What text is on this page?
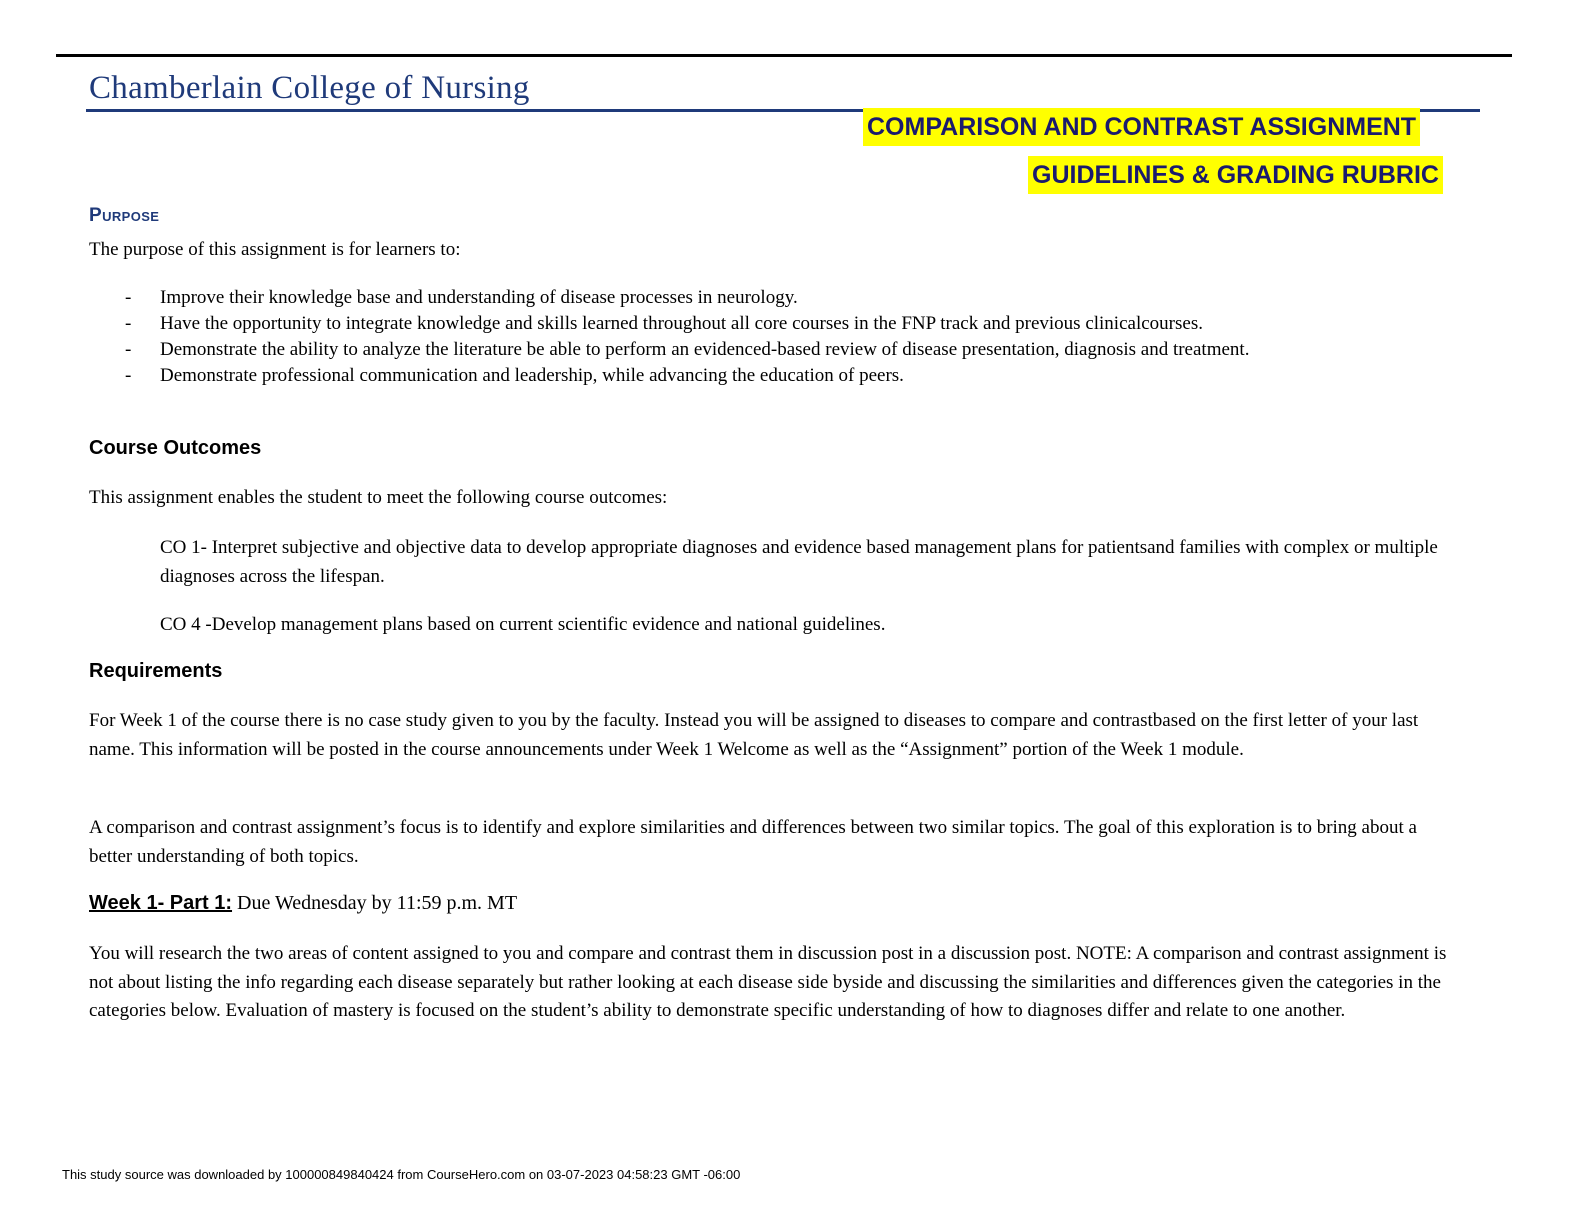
Chamberlain College of Nursing
COMPARISON AND CONTRAST ASSIGNMENT
GUIDELINES & GRADING RUBRIC
Purpose
The purpose of this assignment is for learners to:
- Improve their knowledge base and understanding of disease processes in neurology.
- Have the opportunity to integrate knowledge and skills learned throughout all core courses in the FNP track and previous clinicalcourses.
- Demonstrate the ability to analyze the literature be able to perform an evidenced-based review of disease presentation, diagnosis and treatment.
- Demonstrate professional communication and leadership, while advancing the education of peers.
Course Outcomes
This assignment enables the student to meet the following course outcomes:
CO 1- Interpret subjective and objective data to develop appropriate diagnoses and evidence based management plans for patientsand families with complex or multiple diagnoses across the lifespan.
CO 4 -Develop management plans based on current scientific evidence and national guidelines.
Requirements
For Week 1 of the course there is no case study given to you by the faculty. Instead you will be assigned to diseases to compare and contrastbased on the first letter of your last name. This information will be posted in the course announcements under Week 1 Welcome as well as the “Assignment” portion of the Week 1 module.
A comparison and contrast assignment’s focus is to identify and explore similarities and differences between two similar topics. The goal of this exploration is to bring about a better understanding of both topics.
Week 1- Part 1: Due Wednesday by 11:59 p.m. MT
You will research the two areas of content assigned to you and compare and contrast them in discussion post in a discussion post. NOTE: A comparison and contrast assignment is not about listing the info regarding each disease separately but rather looking at each disease side byside and discussing the similarities and differences given the categories in the categories below. Evaluation of mastery is focused on the student’s ability to demonstrate specific understanding of how to diagnoses differ and relate to one another.
This study source was downloaded by 100000849840424 from CourseHero.com on 03-07-2023 04:58:23 GMT -06:00
